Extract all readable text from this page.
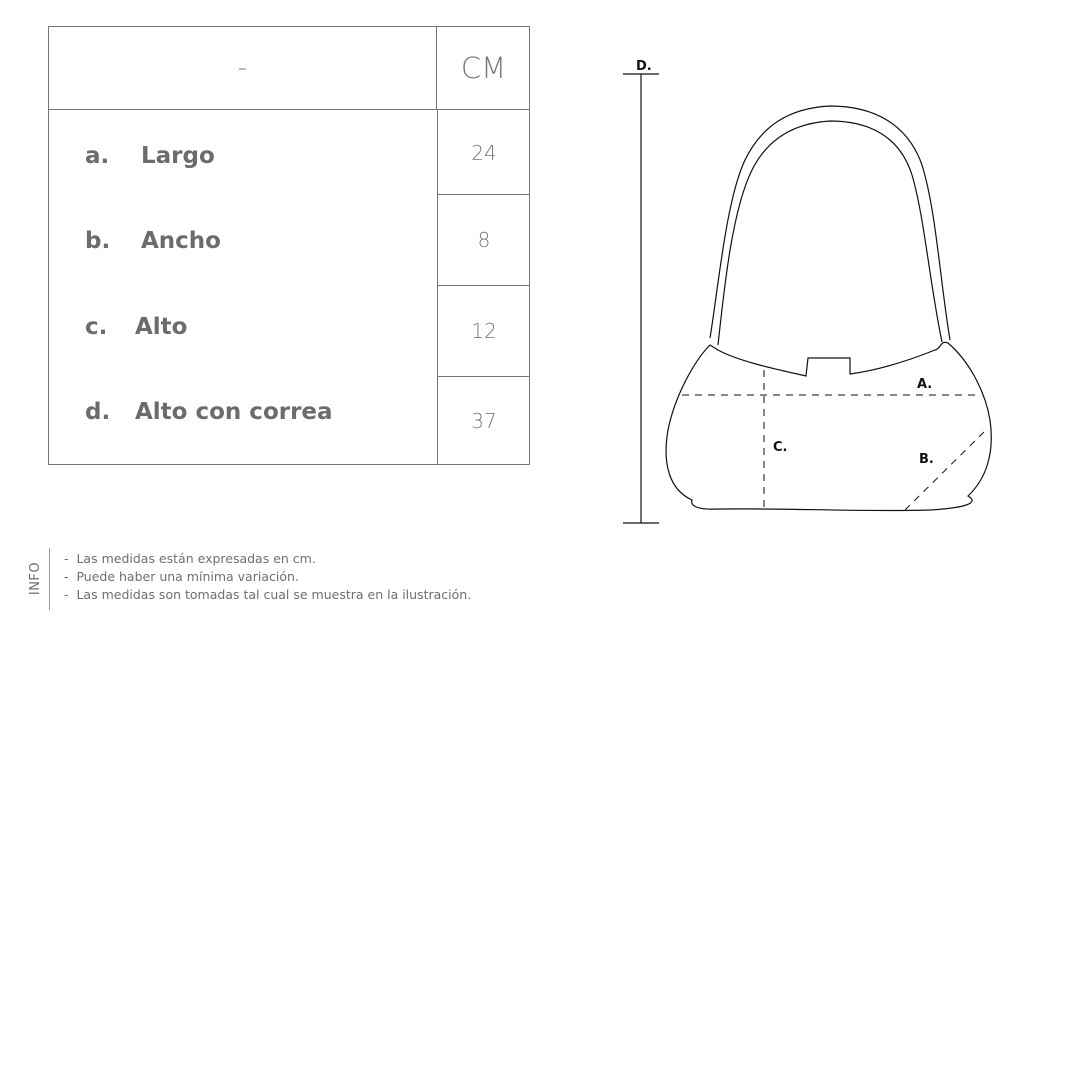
-	CM
a. Largo	24
b. Ancho	8
c. Alto	12
d. Alto con correa	37
D.
A.
C.
B.
INFO
- Las medidas están expresadas en cm.
- Puede haber una mínima variación.
- Las medidas son tomadas tal cual se muestra en la ilustración.
